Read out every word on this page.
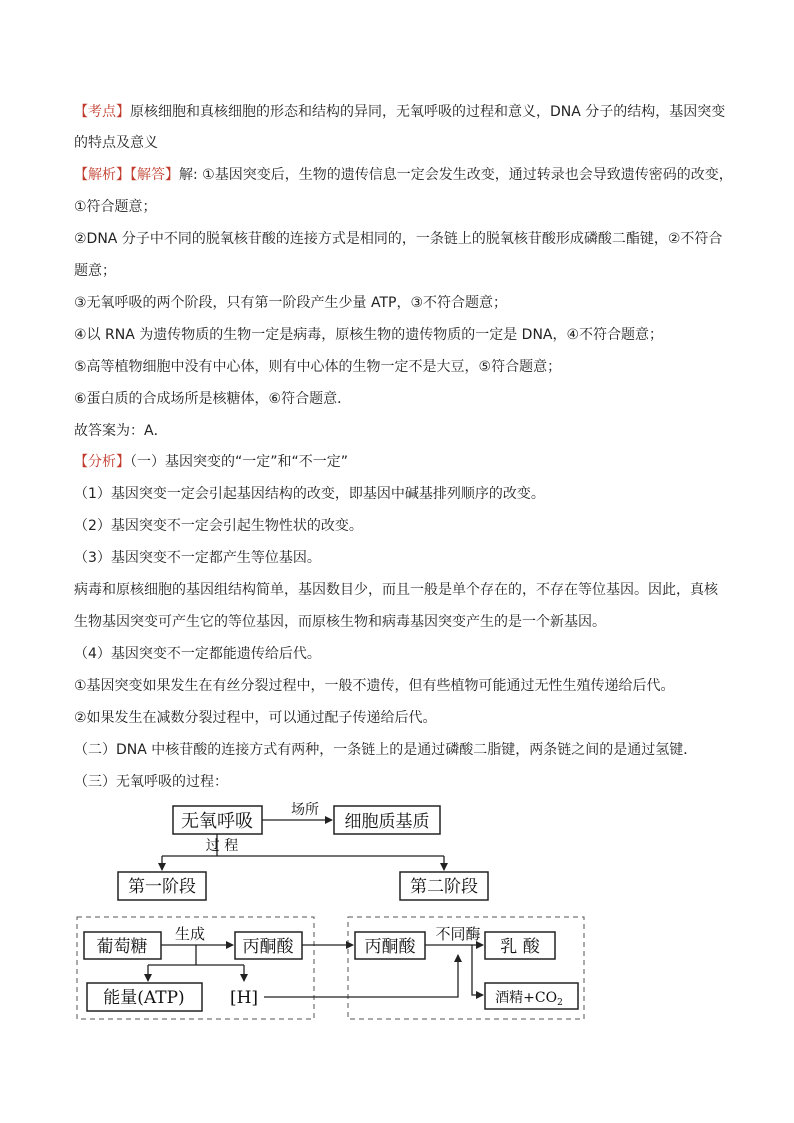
【考点】原核细胞和真核细胞的形态和结构的异同，无氧呼吸的过程和意义，DNA 分子的结构，基因突变
的特点及意义
【解析】【解答】解: ①基因突变后，生物的遗传信息一定会发生改变，通过转录也会导致遗传密码的改变，
①符合题意；
②DNA 分子中不同的脱氧核苷酸的连接方式是相同的，一条链上的脱氧核苷酸形成磷酸二酯键，②不符合
题意；
③无氧呼吸的两个阶段，只有第一阶段产生少量 ATP，③不符合题意；
④以 RNA 为遗传物质的生物一定是病毒，原核生物的遗传物质的一定是 DNA，④不符合题意；
⑤高等植物细胞中没有中心体，则有中心体的生物一定不是大豆，⑤符合题意；
⑥蛋白质的合成场所是核糖体，⑥符合题意．
故答案为：A．
【分析】（一）基因突变的“一定”和“不一定”
（1）基因突变一定会引起基因结构的改变，即基因中碱基排列顺序的改变。
（2）基因突变不一定会引起生物性状的改变。
（3）基因突变不一定都产生等位基因。
病毒和原核细胞的基因组结构简单，基因数目少，而且一般是单个存在的，不存在等位基因。因此，真核
生物基因突变可产生它的等位基因，而原核生物和病毒基因突变产生的是一个新基因。
（4）基因突变不一定都能遗传给后代。
①基因突变如果发生在有丝分裂过程中，一般不遗传，但有些植物可能通过无性生殖传递给后代。
②如果发生在减数分裂过程中，可以通过配子传递给后代。
（二）DNA 中核苷酸的连接方式有两种，一条链上的是通过磷酸二脂键，两条链之间的是通过氢键．
（三）无氧呼吸的过程：
无氧呼吸
场所
细胞质基质
过 程
第一阶段	第二阶段
葡萄糖
生成
丙酮酸
能量(ATP)	[H]
丙酮酸
不同酶
乳 酸
酒精$+CO_2$
